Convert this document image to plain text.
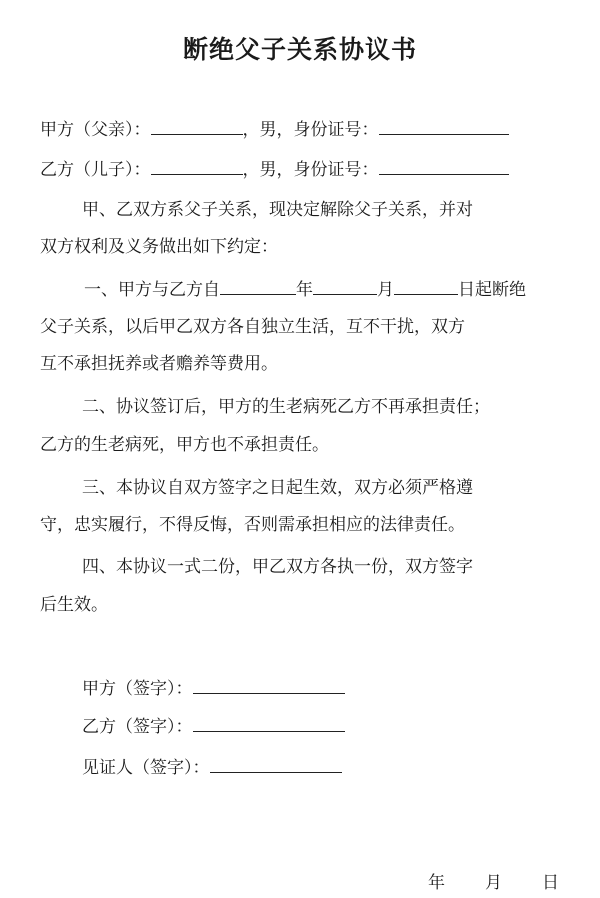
断绝父子关系协议书
甲方（父亲）：	，男，身份证号：
乙方（儿子）：	，男，身份证号：
甲、乙双方系父子关系，现决定解除父子关系，并对
双方权利及义务做出如下约定：
一、甲方与乙方自	年	月	日起断绝
父子关系，以后甲乙双方各自独立生活，互不干扰，双方
互不承担抚养或者赡养等费用。
二、协议签订后，甲方的生老病死乙方不再承担责任；
乙方的生老病死，甲方也不承担责任。
三、本协议自双方签字之日起生效，双方必须严格遵
守，忠实履行，不得反悔，否则需承担相应的法律责任。
四、本协议一式二份，甲乙双方各执一份，双方签字
后生效。
甲方（签字）：
乙方（签字）：
见证人（签字）：
年 月 日
